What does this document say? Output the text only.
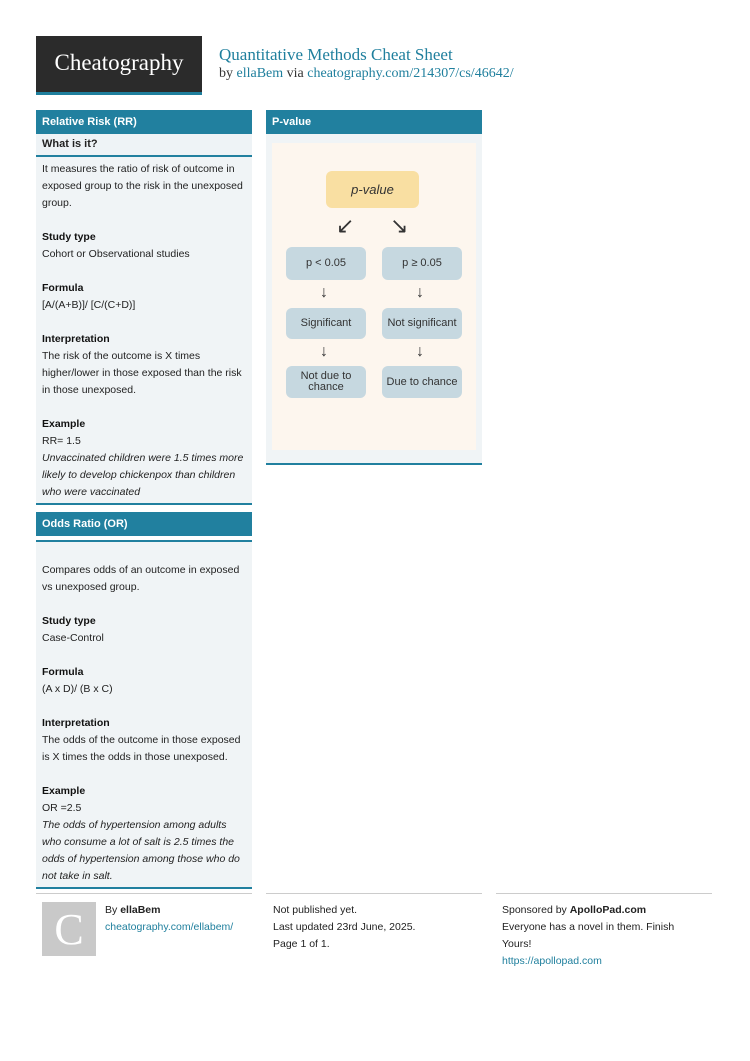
Cheatography	Quantitative Methods Cheat Sheet
by ellaBem via cheatography.com/214307/cs/46642/
Relative Risk (RR)
What is it?

It measures the ratio of risk of outcome in exposed group to the risk in the unexposed group.

Study type

Cohort or Observational studies

Formula

[A/(A+B)]/ [C/(C+D)]

Interpretation

The risk of the outcome is X times higher/lower in those exposed than the risk in those unexposed.

Example

RR= 1.5

Unvaccinated children were 1.5 times more likely to develop chickenpox than children who were vaccinated

Odds Ratio (OR)

Compares odds of an outcome in exposed vs unexposed group.

Study type

Case-Control

Formula

(A x D)/ (B x C)

Interpretation

The odds of the outcome in those exposed is X times the odds in those unexposed.

Example

OR =2.5

The odds of hypertension among adults who consume a lot of salt is 2.5 times the odds of hypertension among those who do not take in salt.

P-value
p-value
↙ ↘
p < 0.05	p ≥ 0.05
↓	↓
Significant	Not significant
↓	↓
Not due to chance	Due to chance
C By ellaBem
cheatography.com/ellabem/
Not published yet.
Last updated 23rd June, 2025.
Page 1 of 1.
Sponsored by ApolloPad.com
Everyone has a novel in them. Finish Yours!
https://apollopad.com
